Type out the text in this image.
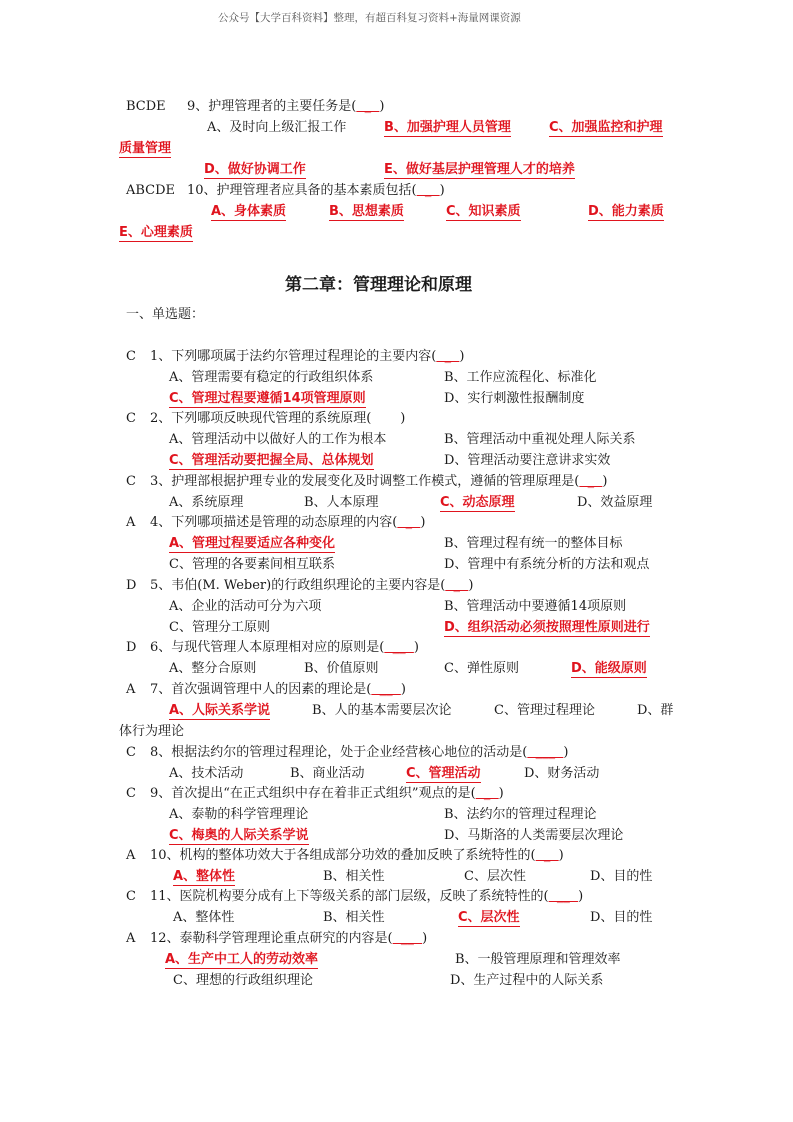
公众号【大学百科资料】整理，有超百科复习资料+海量网课资源
BCDE 9、护理管理者的主要任务是(  _  )
A、及时向上级汇报工作	B、加强护理人员管理	C、加强监控和护理
质量管理
D、做好协调工作	E、做好基层护理管理人才的培养
ABCDE 10、护理管理者应具备的基本素质包括(  _  )
A、身体素质	B、思想素质	C、知识素质	D、能力素质
E、心理素质
第二章：管理理论和原理
一、单选题：
C 1、下列哪项属于法约尔管理过程理论的主要内容(  _  )
A、管理需要有稳定的行政组织体系	B、工作应流程化、标准化
C、管理过程要遵循14项管理原则	D、实行刺激性报酬制度
C 2、下列哪项反映现代管理的系统原理( )
A、管理活动中以做好人的工作为根本	B、管理活动中重视处理人际关系
C、管理活动要把握全局、总体规划	D、管理活动要注意讲求实效
C 3、护理部根据护理专业的发展变化及时调整工作模式，遵循的管理原理是(  _  )
A、系统原理	B、人本原理	C、动态原理	D、效益原理
A 4、下列哪项描述是管理的动态原理的内容(  _  )
A、管理过程要适应各种变化	B、管理过程有统一的整体目标
C、管理的各要素间相互联系	D、管理中有系统分析的方法和观点
D 5、韦伯(M. Weber)的行政组织理论的主要内容是(  _  )
A、企业的活动可分为六项	B、管理活动中要遵循14项原则
C、管理分工原则	D、组织活动必须按照理性原则进行
D 6、与现代管理人本原理相对应的原则是(  __  )
A、整分合原则	B、价值原则	C、弹性原则	D、能级原则
A 7、首次强调管理中人的因素的理论是(  __  )
A、人际关系学说	B、人的基本需要层次论	C、管理过程理论	D、群
体行为理论
C 8、根据法约尔的管理过程理论，处于企业经营核心地位的活动是(  ___  )
A、技术活动	B、商业活动	C、管理活动	D、财务活动
C 9、首次提出“在正式组织中存在着非正式组织”观点的是(  _  )
A、泰勒的科学管理理论	B、法约尔的管理过程理论
C、梅奥的人际关系学说	D、马斯洛的人类需要层次理论
A 10、机构的整体功效大于各组成部分功效的叠加反映了系统特性的(  _  )
A、整体性	B、相关性	C、层次性	D、目的性
C 11、医院机构要分成有上下等级关系的部门层级，反映了系统特性的(  __  )
A、整体性	B、相关性	C、层次性	D、目的性
A 12、泰勒科学管理理论重点研究的内容是(  __  )
A、生产中工人的劳动效率	B、一般管理原理和管理效率
C、理想的行政组织理论	D、生产过程中的人际关系
